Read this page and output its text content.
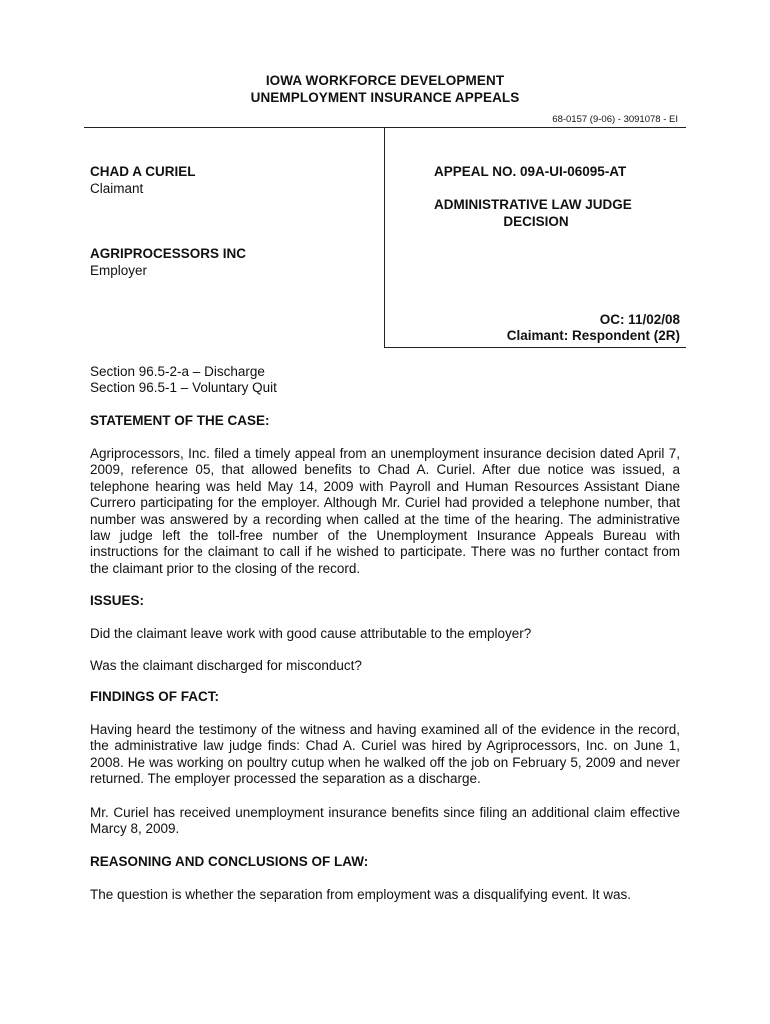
IOWA WORKFORCE DEVELOPMENT
UNEMPLOYMENT INSURANCE APPEALS
68-0157 (9-06) - 3091078 - EI
CHAD A CURIEL
Claimant
AGRIPROCESSORS INC
Employer
APPEAL NO. 09A-UI-06095-AT
ADMINISTRATIVE LAW JUDGE
DECISION
OC: 11/02/08
Claimant: Respondent (2R)
Section 96.5-2-a – Discharge
Section 96.5-1 – Voluntary Quit
STATEMENT OF THE CASE:
Agriprocessors, Inc. filed a timely appeal from an unemployment insurance decision dated April 7, 2009, reference 05, that allowed benefits to Chad A. Curiel. After due notice was issued, a telephone hearing was held May 14, 2009 with Payroll and Human Resources Assistant Diane Currero participating for the employer. Although Mr. Curiel had provided a telephone number, that number was answered by a recording when called at the time of the hearing. The administrative law judge left the toll-free number of the Unemployment Insurance Appeals Bureau with instructions for the claimant to call if he wished to participate. There was no further contact from the claimant prior to the closing of the record.
ISSUES:
Did the claimant leave work with good cause attributable to the employer?
Was the claimant discharged for misconduct?
FINDINGS OF FACT:
Having heard the testimony of the witness and having examined all of the evidence in the record, the administrative law judge finds: Chad A. Curiel was hired by Agriprocessors, Inc. on June 1, 2008. He was working on poultry cutup when he walked off the job on February 5, 2009 and never returned. The employer processed the separation as a discharge.
Mr. Curiel has received unemployment insurance benefits since filing an additional claim effective Marcy 8, 2009.
REASONING AND CONCLUSIONS OF LAW:
The question is whether the separation from employment was a disqualifying event. It was.
